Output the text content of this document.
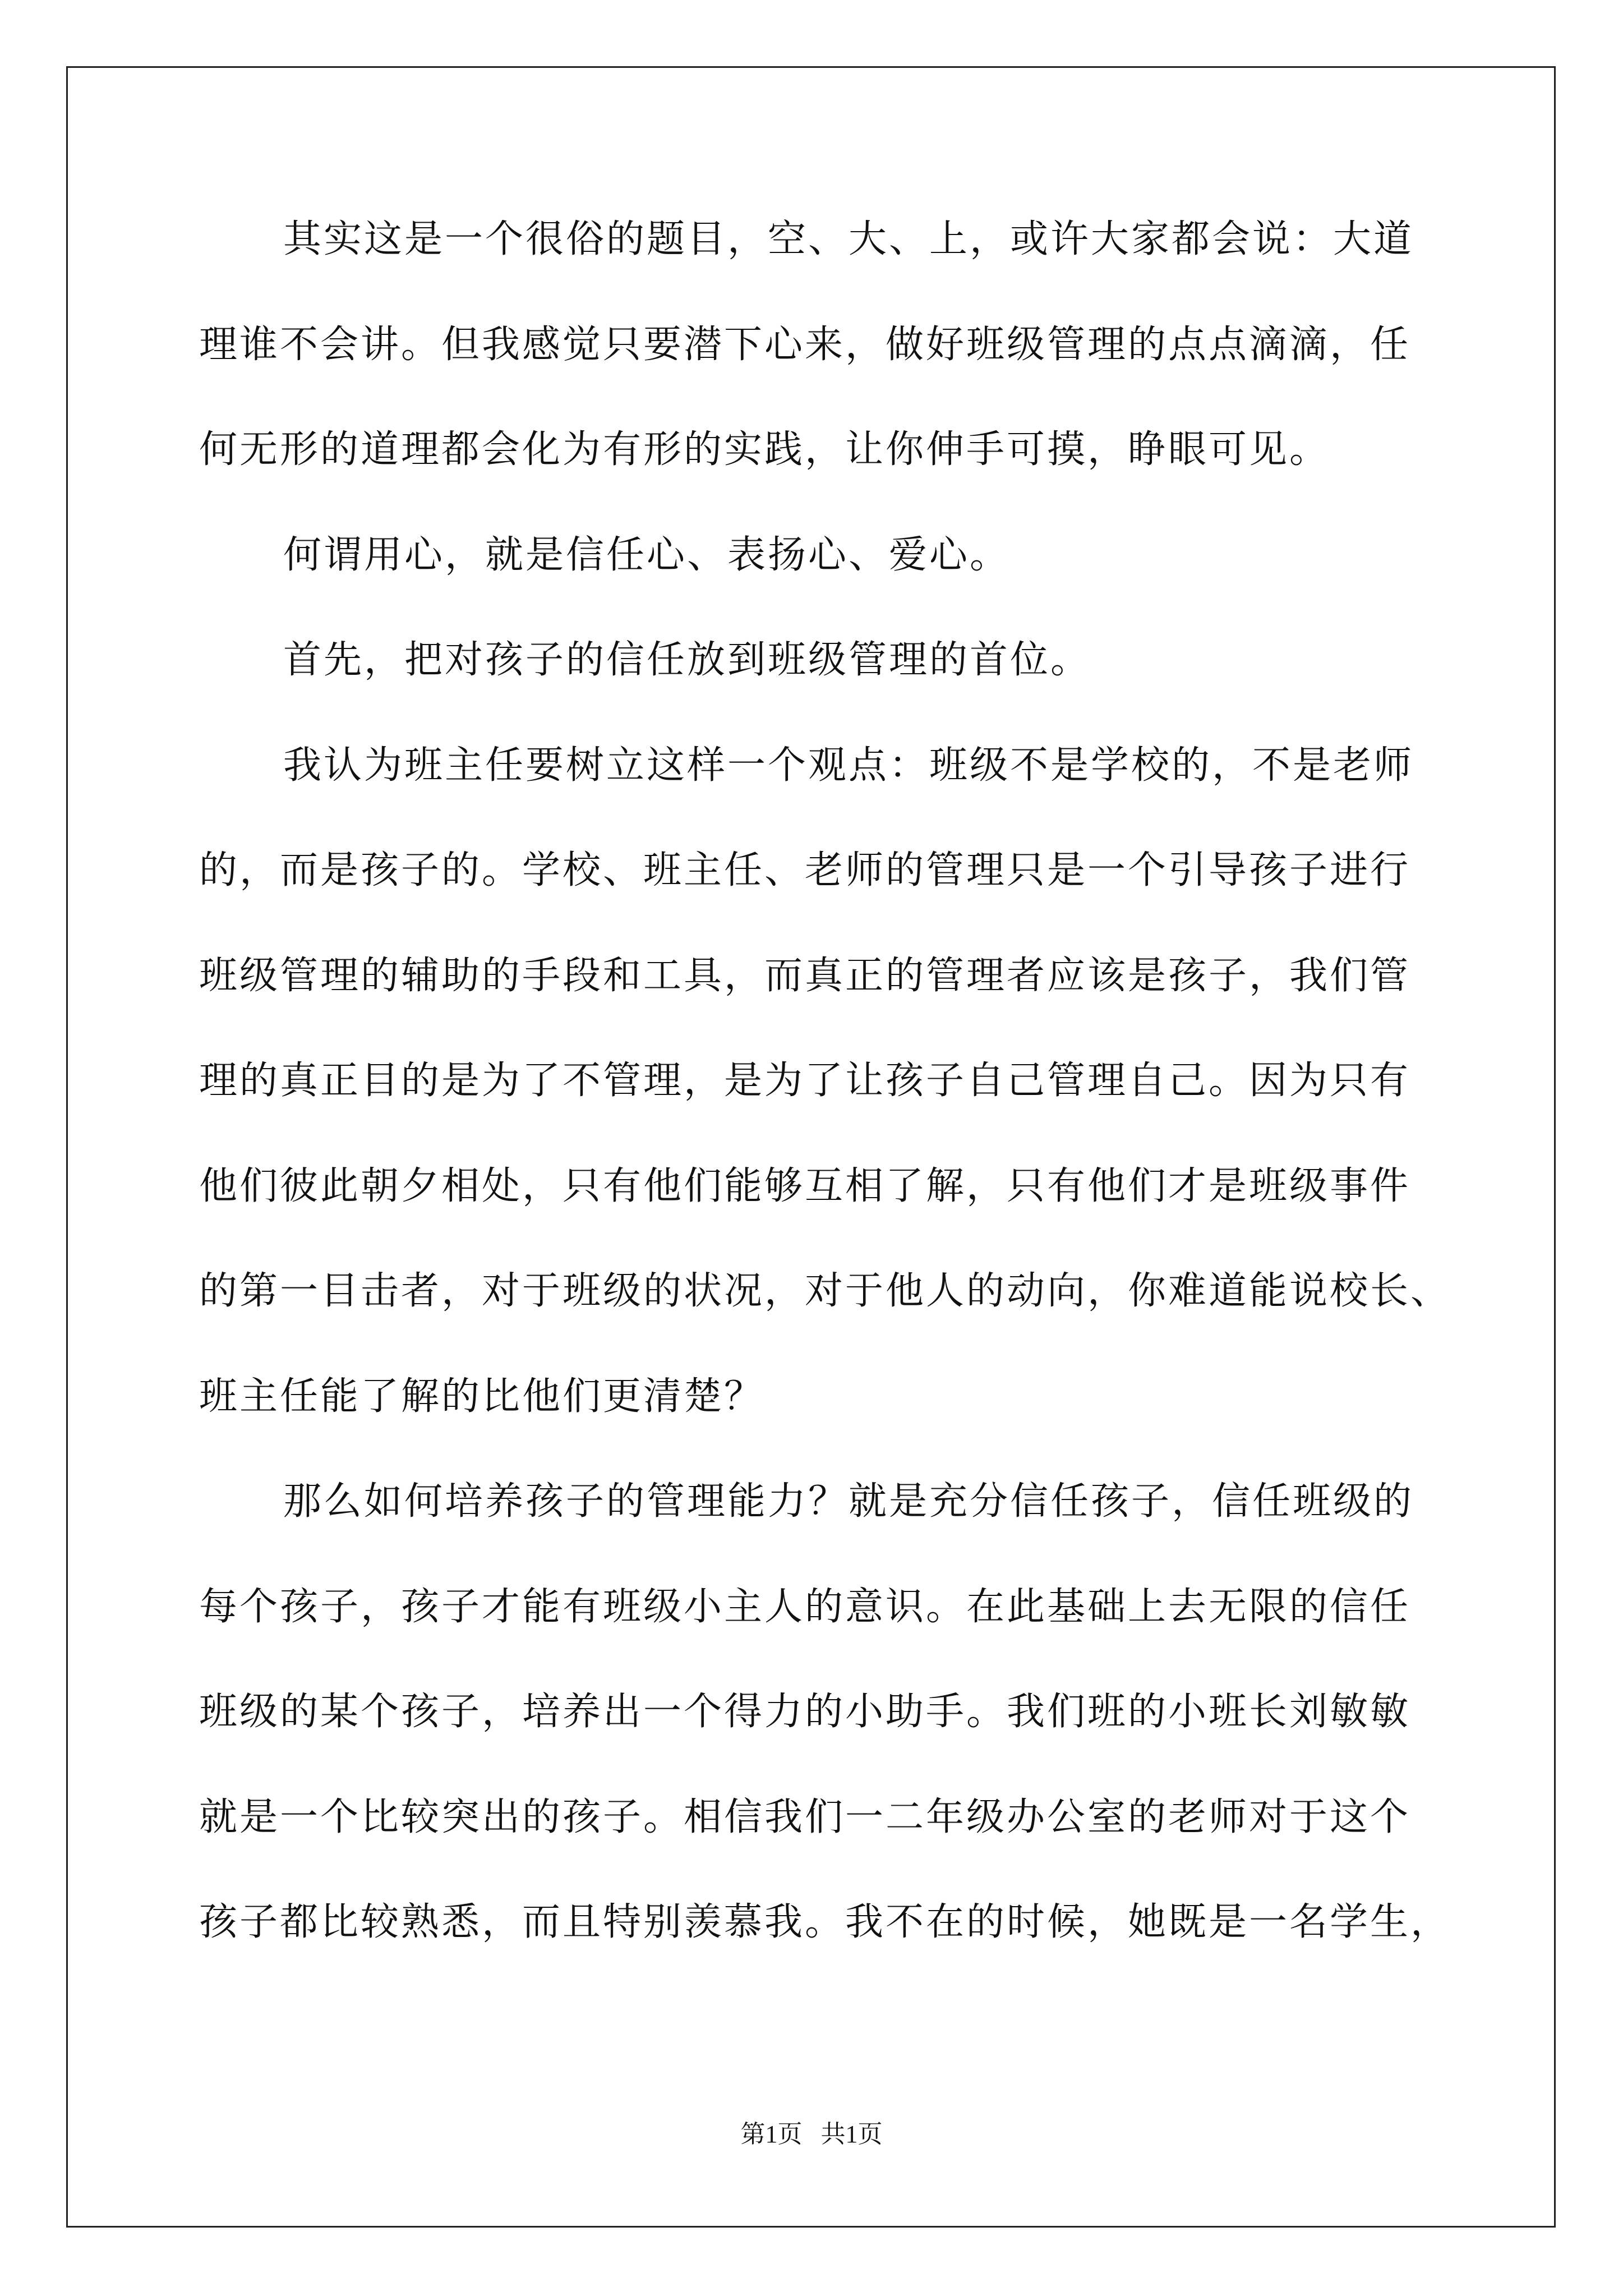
其实这是一个很俗的题目，空、大、上，或许大家都会说：大道
理谁不会讲。但我感觉只要潜下心来，做好班级管理的点点滴滴，任
何无形的道理都会化为有形的实践，让你伸手可摸，睁眼可见。
何谓用心，就是信任心、表扬心、爱心。
首先，把对孩子的信任放到班级管理的首位。
我认为班主任要树立这样一个观点：班级不是学校的，不是老师
的，而是孩子的。学校、班主任、老师的管理只是一个引导孩子进行
班级管理的辅助的手段和工具，而真正的管理者应该是孩子，我们管
理的真正目的是为了不管理，是为了让孩子自己管理自己。因为只有
他们彼此朝夕相处，只有他们能够互相了解，只有他们才是班级事件
的第一目击者，对于班级的状况，对于他人的动向，你难道能说校长、
班主任能了解的比他们更清楚？
那么如何培养孩子的管理能力？就是充分信任孩子，信任班级的
每个孩子，孩子才能有班级小主人的意识。在此基础上去无限的信任
班级的某个孩子，培养出一个得力的小助手。我们班的小班长刘敏敏
就是一个比较突出的孩子。相信我们一二年级办公室的老师对于这个
孩子都比较熟悉，而且特别羡慕我。我不在的时候，她既是一名学生，
第1页   共1页
